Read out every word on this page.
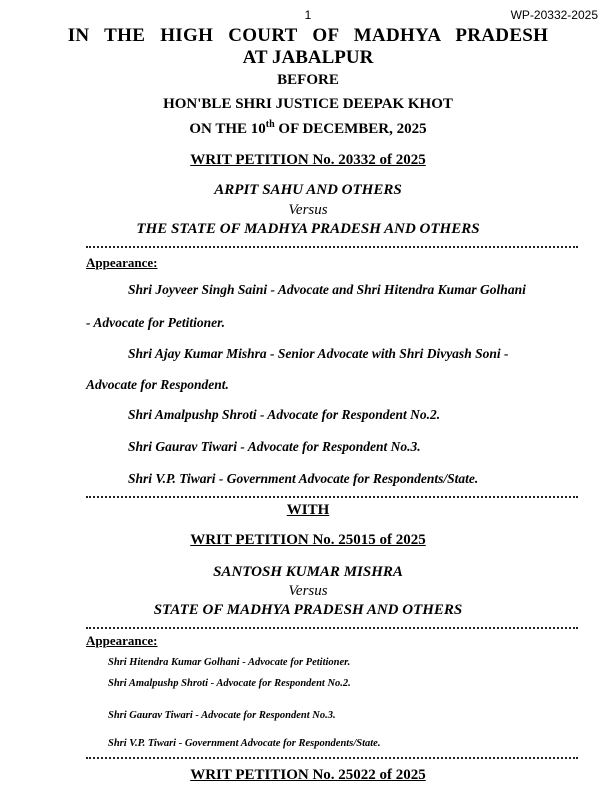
1	WP-20332-2025
IN THE HIGH COURT OF MADHYA PRADESH
AT JABALPUR
BEFORE
HON'BLE SHRI JUSTICE DEEPAK KHOT
ON THE 10th OF DECEMBER, 2025
WRIT PETITION No. 20332 of 2025
ARPIT SAHU AND OTHERS
Versus
THE STATE OF MADHYA PRADESH AND OTHERS
Appearance:
Shri Joyveer Singh Saini - Advocate and Shri Hitendra Kumar Golhani
- Advocate for Petitioner.
Shri Ajay Kumar Mishra - Senior Advocate with Shri Divyash Soni -
Advocate for Respondent.
Shri Amalpushp Shroti - Advocate for Respondent No.2.
Shri Gaurav Tiwari - Advocate for Respondent No.3.
Shri V.P. Tiwari - Government Advocate for Respondents/State.
WITH
WRIT PETITION No. 25015 of 2025
SANTOSH KUMAR MISHRA
Versus
STATE OF MADHYA PRADESH AND OTHERS
Appearance:
Shri Hitendra Kumar Golhani - Advocate for Petitioner.
Shri Amalpushp Shroti - Advocate for Respondent No.2.
Shri Gaurav Tiwari - Advocate for Respondent No.3.
Shri V.P. Tiwari - Government Advocate for Respondents/State.
WRIT PETITION No. 25022 of 2025
